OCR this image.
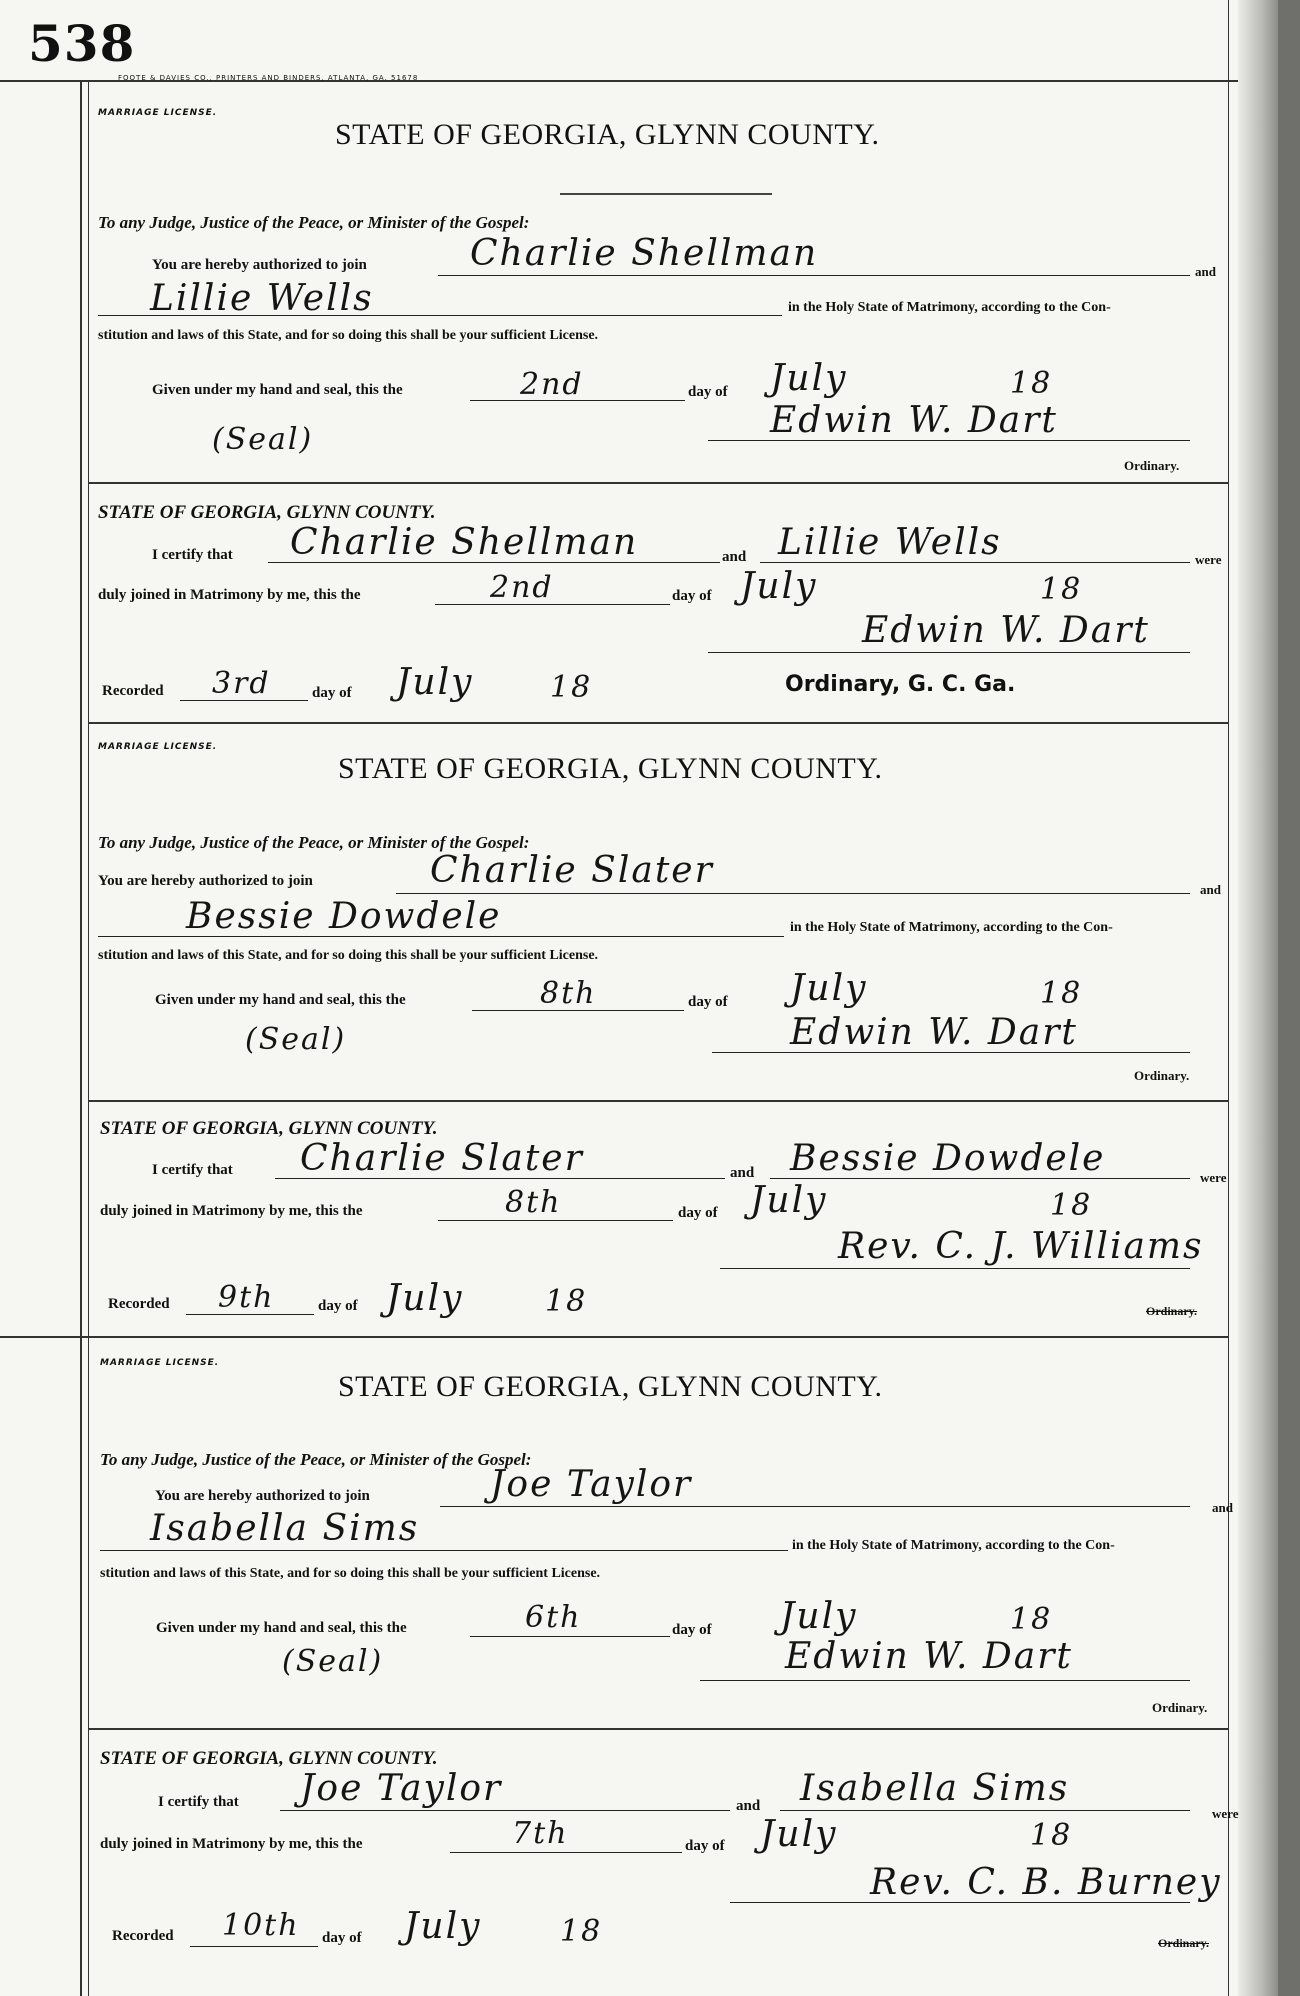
538
FOOTE & DAVIES CO., PRINTERS AND BINDERS, ATLANTA, GA. 51678
MARRIAGE LICENSE.
STATE OF GEORGIA, GLYNN COUNTY.
To any Judge, Justice of the Peace, or Minister of the Gospel:
You are hereby authorized to join	Charlie Shellman	and
Lillie Wells	in the Holy State of Matrimony, according to the Con-
stitution and laws of this State, and for so doing this shall be your sufficient License.
Given under my hand and seal, this the	2nd	day of July	18
(Seal)	Edwin W. Dart
Ordinary.
STATE OF GEORGIA, GLYNN COUNTY.
I certify that Charlie Shellman	and Lillie Wells	were
duly joined in Matrimony by me, this the	2nd	day of July	18
Edwin W. Dart
Recorded 3rd	day of July	18	Ordinary, G. C. Ga.
MARRIAGE LICENSE.
STATE OF GEORGIA, GLYNN COUNTY.
To any Judge, Justice of the Peace, or Minister of the Gospel:
You are hereby authorized to join	Charlie Slater	and
Bessie Dowdele	in the Holy State of Matrimony, according to the Con-
stitution and laws of this State, and for so doing this shall be your sufficient License.
Given under my hand and seal, this the	8th	day of July	18
(Seal)	Edwin W. Dart
Ordinary.
STATE OF GEORGIA, GLYNN COUNTY.
I certify that Charlie Slater	and Bessie Dowdele	were
duly joined in Matrimony by me, this the	8th	day of July	18
Rev. C. J. Williams
Recorded 9th	day of July	18	Ordinary.
MARRIAGE LICENSE.
STATE OF GEORGIA, GLYNN COUNTY.
To any Judge, Justice of the Peace, or Minister of the Gospel:
You are hereby authorized to join	Joe Taylor
and
Isabella Sims	in the Holy State of Matrimony, according to the Con-
stitution and laws of this State, and for so doing this shall be your sufficient License.
Given under my hand and seal, this the	6th	day of July	18
(Seal)	Edwin W. Dart
Ordinary.
STATE OF GEORGIA, GLYNN COUNTY.
I certify that Joe Taylor	and Isabella Sims
were
duly joined in Matrimony by me, this the	7th	day of July	18
Rev. C. B. Burney
Recorded 10th day of July	18	Ordinary.
